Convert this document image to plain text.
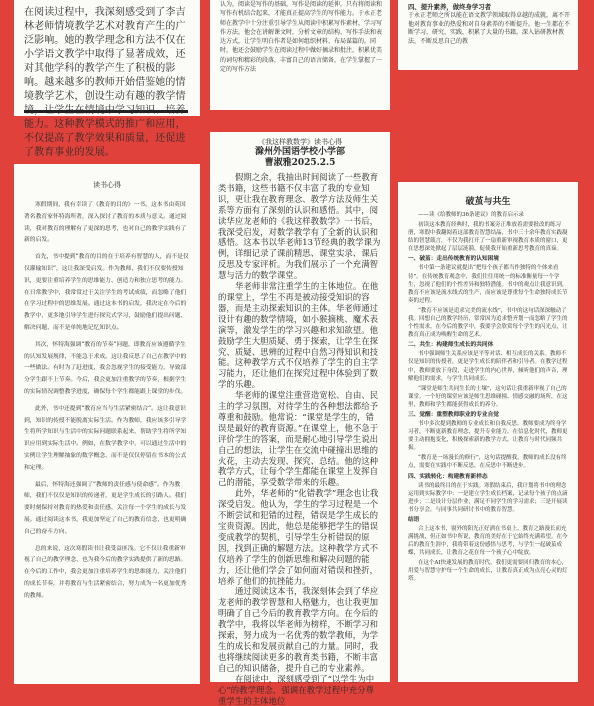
在阅读过程中，我深刻感受到了李吉林老师情境教学艺术对教育产生的广泛影响。她的教学理念和方法不仅在小学语文教学中取得了显著成效，还对其他学科的教学产生了积极的影响。越来越多的教师开始借鉴她的情境教学艺术，创设生动有趣的教学情 能力。这种教学模式的推广和应用，不仅提高了教学效果和质量，还促进了教育事业的发展。

认为，阅读是写作的基础，写作是阅读的延伸，只有将阅读和写作有机结合起来，才能真正提高学生的写作能力。于永正老师在教学中十分注重引导学生从阅读中积累写作素材，学习写作方法。他会在讲解课文时，分析文章的结构、写作手法和表达方式，让学生明白作者是如何组织材料、布局谋篇的。同时，他还会鼓励学生在阅读过程中做好摘录和批注，积累优美的词句和精彩的段落，丰富自己的语言储备，在学生掌握了一定的写作方法

四、提升素养，做终身学习者

于永正老师之所以能在语文教学领域取得卓越的成就，离不开他对教育事业的热爱和对自身素养的不断提升。他一生都在不断学习、研究、实践，积累了大量的书籍，深入钻研教材教法，不断反思自己的教

读书心得

寒假期间，我有幸读了《教育的目的》一书。这本书由英国著名教育家怀特海所著，深入探讨了教育的本质与意义。通过阅读，我对教育的理解有了更深的思考，也对自己的教学实践有了新的启发。

首先，书中提到“教育的目的在于培养有智慧的人，而不是仅仅灌输知识”，这让我深受启发。作为教师，我们不仅要传授知识，更要注重培养学生的思维能力、创造力和独立思考的能力。在日常教学中，我常常过于关注学生的考试成绩，而忽略了他们在学习过程中的思维发展。通过这本书的启发，我决定在今后的教学中，更多地引导学生进行探究式学习，鼓励他们提出问题、解决问题，而不是单纯地记忆知识点。

其次，怀特海强调“教育的节奏”问题，即教育应该遵循学生的认知发展规律，不能急于求成。这让我反思了自己在教学中的一些做法。有时为了赶进度，我会忽视学生的接受能力，导致部分学生跟不上节奏。今后，我会更加注重教学的节奏，根据学生的实际情况调整教学进度，确保每个学生都能跟上课堂的步伐。

此外，书中还提到“教育应当与生活紧密结合”。这让我意识到，知识的传授不能脱离实际生活。作为教师，我应该多引导学生将所学知识与生活中的实际问题联系起来，帮助学生将所学知识应用到实际生活中。例如，在数学教学中，可以通过生活中的实例让学生理解抽象的数学概念，而不是仅仅停留在书本的公式和定理。

最后，怀特海还强调了“教师的责任感与使命感”。作为教师，我们不仅仅是知识的传递者，更是学生成长的引路人。我们要时刻保持对教育的热爱和责任感，关注每一个学生的成长与发展。通过阅读这本书，我更加坚定了自己的教育信念，也更明确自己的奋斗方向。

总的来说，这次寒假读书让我受益匪浅。它不仅让我重新审视了自己的教学理念，也为我今后的教学实践提供了新的思路。在今后的工作中，我会更加注重培养学生的思维能力，关注他们的成长节奏，并将教育与生活紧密结合，努力成为一名更加优秀的教师。

《我这样教数学》读书心得

滁州外国语学校小学部

曹淑雅2025.2.5

假期之余，我抽出时间阅读了一些教育类书籍，这些书籍不仅丰富了我的专业知识，更让我在教育理念、教学方法及师生关系等方面有了深刻的认识和感悟。其中，阅读华应龙老师的《我这样教数学》一书后，我深受启发，对数学教学有了全新的认识和感悟。这本书以华老师13节经典的教学课为例，详细记录了课前精思、课堂实录、课后反思及专家评析。为我们展示了一个充满智慧与活力的数学课堂。

华老师非常注重学生的主体地位。在他的课堂上，学生不再是被动接受知识的容器，而是主动探索知识的主体。华老师通过设计有趣的数学情境，如小猴摘桃、魔术表演等，激发学生的学习兴趣和求知欲望。他鼓励学生大胆质疑、勇于探索，让学生在探究、质疑、思辨的过程中自然习得知识和技能。这种教学方式不仅培养了学生的自主学习能力，还让他们在探究过程中体验到了数学的乐趣。

华老师的课堂注重营造宽松、自由、民主的学习氛围，对待学生的各种想法都给予尊重和鼓励。他常说：“课堂是学生的，错误是最好的教育资源。”在课堂上，他不急于评价学生的答案，而是耐心地引导学生说出自己的想法，让学生在交流中碰撞出思维的火花，主动去发现、探究、总结。他的这种教学方式，让每个学生都能在课堂上发挥自己的潜能，享受数学带来的乐趣。

此外，华老师的“化错教学”理念也让我深受启发。他认为，学生的学习过程是一个不断尝试和犯错的过程，错误是学生成长的宝贵资源。因此，他总是能够把学生的错误变成教学的契机，引导学生分析错误的原因，找到正确的解题方法。这种教学方式不仅培养了学生的创新思维和解决问题的能力，还让他们学会了如何面对错误和挫折，培养了他们的抗挫能力。

通过阅读这本书，我深刻体会到了华应龙老师的教学智慧和人格魅力，也让我更加明确了自己今后的教育教学方向。在今后的教学中，我将以华老师为榜样，不断学习和探索，努力成为一名优秀的数学教师，为学生的成长和发展贡献自己的力量。同时，我也将继续阅读更多的教育类书籍，不断丰富自己的知识储备，提升自己的专业素养。

在阅读中，深刻感受到了“以学生为中心”的教学理念，强调在教学过程中充分尊重学生的主体地位

破茧与共生

——读《给教师的36条建议》的教育启示录

初读这本教育经典时，我的书案旁正堆放着需要批改的练习册，寒假中我翻阅着这部教育智慧结晶，书中三十余年教育实践凝结的智慧箴言，不仅为我打开了一扇重新审视教育本质的窗口，更在思想深处掀起了层层涟漪，促使我开始重新思考教育的真谛。

一、破茧：走出传统教育的认知困境

书中第一条建议就提出“把每个孩子都当作独特的个体来看待”。在传统教育观念中，我们往往用统一的标准衡量每一个学生，忽视了他们的个性差异和独特潜能。书中的观点让我意识到，教育不应该是流水线式的生产，而应该是尊重每个生命独特成长节奏的过程。

“教育不应该是追求完美的流水线”，书中的这句话深深触动了我。回想自己的教学经历，常常因为追求整齐划一而忽略了学生的个性需求。在今后的教学中，我要学会欣赏每个学生的闪光点，让教育真正成为唤醒生命的艺术。

二、共生：构建师生成长的共同体

书中强调师生关系应该是平等对话、相互成长的关系。教师不仅是知识的传授者，更是学生成长的陪伴者和引导者。在教学过程中，教师要放下身段，走进学生的内心世界，倾听他们的声音，理解他们的需求，与学生共同成长。

“课堂是师生共同生长的土壤”，这句话让我重新审视了自己的课堂。一个好的课堂应该是师生思维碰撞、情感交融的场所，在这里，教师和学生都能获得成长的养分。

三、觉醒：重塑教师职业的专业自觉

书中多次提到教师的专业成长和自我反思。教师要成为终身学习者，不断更新教育理念，提升专业能力。在信息化时代，教师更要主动拥抱变化，积极探索新的教学方式，让教育与时代同频共振。

“教育是一场漫长的修行”，这句话提醒我，教师的成长没有终点，需要在实践中不断反思，在反思中不断进步。

四、实践转化：构建教育新样态

读书的最终目的在于实践。寒假结束后，我计划将书中的理念运用到实际教学中：一是建立学生成长档案，记录每个孩子的点滴进步；二是设计分层作业，满足不同学生的学习需求；三是开展读书分享会，与同事共同研讨书中的教育智慧。

结语

合上这本书，窗外的阳光正好洒在书桌上。教育之路漫长而充满挑战，但正如书中所说，教育的美好在于它始终充满希望。在今后的教育生涯中，我将带着这份感悟与思考，与学生一起破茧成蝶，共同成长，让教育之花在每一个孩子心中绽放。

在这个AI快速发展的教育时代，我们更需要回归教育的本心，用爱与智慧守护每一个生命的成长，让教育真正成为点亮心灵的灯塔。
